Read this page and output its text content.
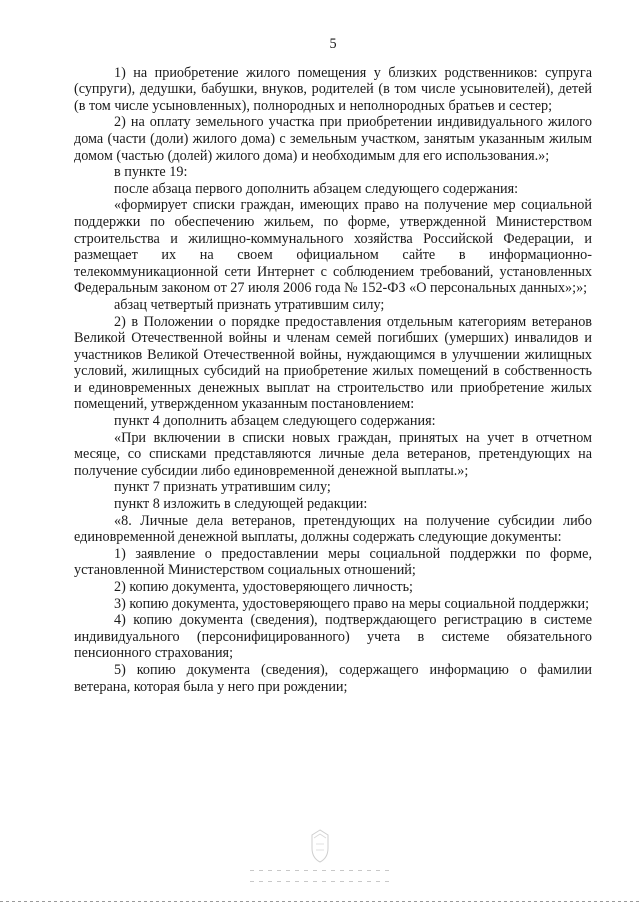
5

1) на приобретение жилого помещения у близких родственников: супруга (супруги), дедушки, бабушки, внуков, родителей (в том числе усыновителей), детей (в том числе усыновленных), полнородных и неполнородных братьев и сестер;

2) на оплату земельного участка при приобретении индивидуального жилого дома (части (доли) жилого дома) с земельным участком, занятым указанным жилым домом (частью (долей) жилого дома) и необходимым для его использования.»;

в пункте 19:

после абзаца первого дополнить абзацем следующего содержания:

«формирует списки граждан, имеющих право на получение мер социальной поддержки по обеспечению жильем, по форме, утвержденной Министерством строительства и жилищно-коммунального хозяйства Российской Федерации, и размещает их на своем официальном сайте в информационно-телекоммуникационной сети Интернет с соблюдением требований, установленных Федеральным законом от 27 июля 2006 года № 152-ФЗ «О персональных данных»;»;

абзац четвертый признать утратившим силу;

2) в Положении о порядке предоставления отдельным категориям ветеранов Великой Отечественной войны и членам семей погибших (умерших) инвалидов и участников Великой Отечественной войны, нуждающимся в улучшении жилищных условий, жилищных субсидий на приобретение жилых помещений в собственность и единовременных денежных выплат на строительство или приобретение жилых помещений, утвержденном указанным постановлением:

пункт 4 дополнить абзацем следующего содержания:

«При включении в списки новых граждан, принятых на учет в отчетном месяце, со списками представляются личные дела ветеранов, претендующих на получение субсидии либо единовременной денежной выплаты.»;

пункт 7 признать утратившим силу;

пункт 8 изложить в следующей редакции:

«8. Личные дела ветеранов, претендующих на получение субсидии либо единовременной денежной выплаты, должны содержать следующие документы:

1) заявление о предоставлении меры социальной поддержки по форме, установленной Министерством социальных отношений;

2) копию документа, удостоверяющего личность;

3) копию документа, удостоверяющего право на меры социальной поддержки;

4) копию документа (сведения), подтверждающего регистрацию в системе индивидуального (персонифицированного) учета в системе обязательного пенсионного страхования;

5) копию документа (сведения), содержащего информацию о фамилии ветерана, которая была у него при рождении;
